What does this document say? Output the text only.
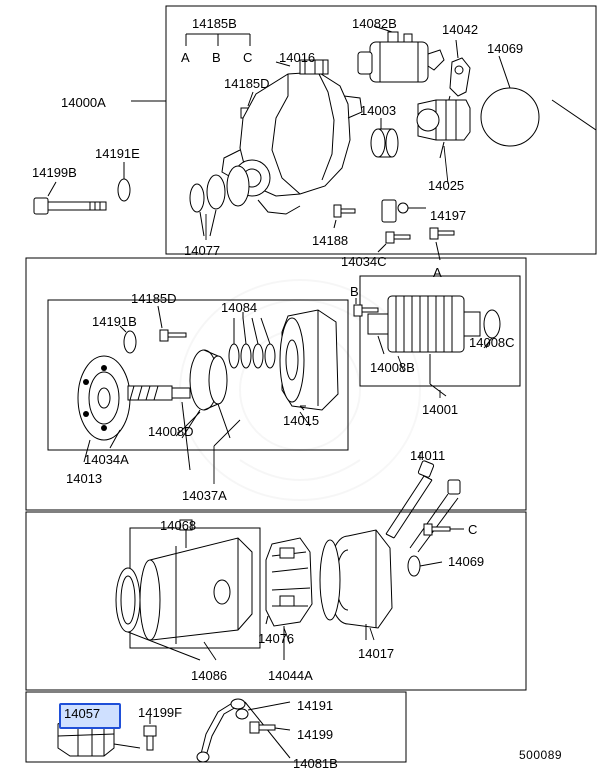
14185B	14082B	14042
14069
A B C 14016
14185D
14003
14000A
14191E
14199B
14025
14197
14077
14188
14034C
A
14185D
14084
B
14191B
14008C
14008B
14015
14001
14008D
14034A
14037A
14013
14011
14068	C
14069
14076
14017
14086	14044A
14191
14199F
14199
14081B
14057
500089
